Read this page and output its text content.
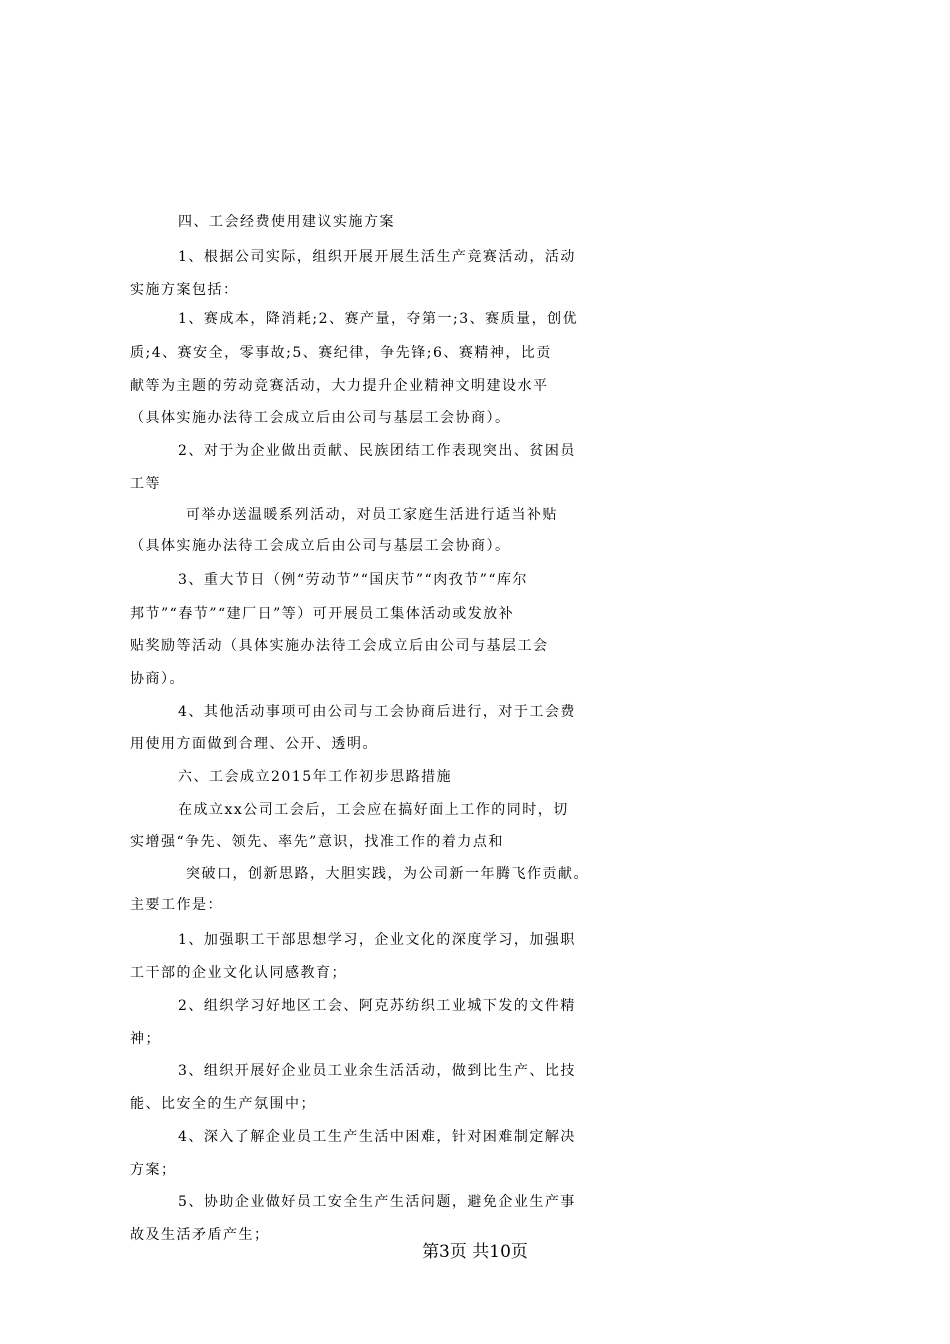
四、工会经费使用建议实施方案
1、根据公司实际，组织开展开展生活生产竞赛活动，活动
实施方案包括：
1、赛成本，降消耗;2、赛产量，夺第一;3、赛质量，创优
质;4、赛安全，零事故;5、赛纪律，争先锋;6、赛精神，比贡
献等为主题的劳动竞赛活动，大力提升企业精神文明建设水平
（具体实施办法待工会成立后由公司与基层工会协商）。
2、对于为企业做出贡献、民族团结工作表现突出、贫困员
工等
可举办送温暖系列活动，对员工家庭生活进行适当补贴
（具体实施办法待工会成立后由公司与基层工会协商）。
3、重大节日（例“劳动节”“国庆节”“肉孜节”“库尔
邦节”“春节”“建厂日”等）可开展员工集体活动或发放补
贴奖励等活动（具体实施办法待工会成立后由公司与基层工会
协商）。
4、其他活动事项可由公司与工会协商后进行，对于工会费
用使用方面做到合理、公开、透明。
六、工会成立2015年工作初步思路措施
在成立xx公司工会后，工会应在搞好面上工作的同时，切
实增强“争先、领先、率先”意识，找准工作的着力点和
突破口，创新思路，大胆实践，为公司新一年腾飞作贡献。
主要工作是：
1、加强职工干部思想学习，企业文化的深度学习，加强职
工干部的企业文化认同感教育；
2、组织学习好地区工会、阿克苏纺织工业城下发的文件精
神；
3、组织开展好企业员工业余生活活动，做到比生产、比技
能、比安全的生产氛围中；
4、深入了解企业员工生产生活中困难，针对困难制定解决
方案；
5、协助企业做好员工安全生产生活问题，避免企业生产事
故及生活矛盾产生；
第3页 共10页
